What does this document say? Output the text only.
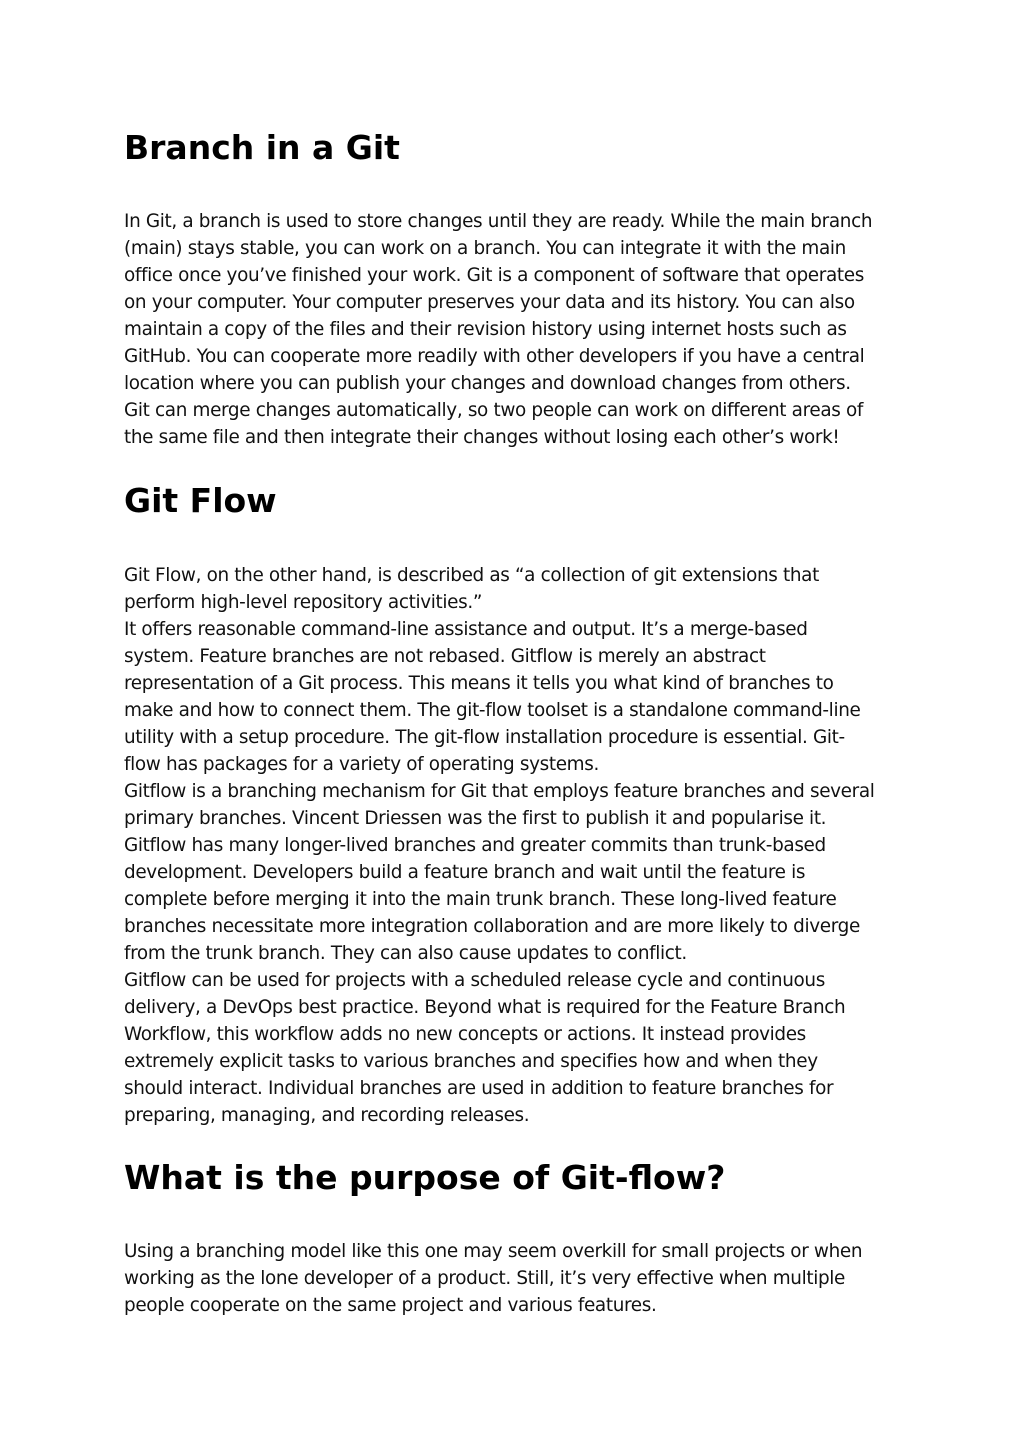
Branch in a Git
In Git, a branch is used to store changes until they are ready. While the main branch
(main) stays stable, you can work on a branch. You can integrate it with the main
office once you’ve finished your work. Git is a component of software that operates
on your computer. Your computer preserves your data and its history. You can also
maintain a copy of the files and their revision history using internet hosts such as
GitHub. You can cooperate more readily with other developers if you have a central
location where you can publish your changes and download changes from others.
Git can merge changes automatically, so two people can work on different areas of
the same file and then integrate their changes without losing each other’s work!
Git Flow
Git Flow, on the other hand, is described as “a collection of git extensions that
perform high-level repository activities.”
It offers reasonable command-line assistance and output. It’s a merge-based
system. Feature branches are not rebased. Gitflow is merely an abstract
representation of a Git process. This means it tells you what kind of branches to
make and how to connect them. The git-flow toolset is a standalone command-line
utility with a setup procedure. The git-flow installation procedure is essential. Git-
flow has packages for a variety of operating systems.
Gitflow is a branching mechanism for Git that employs feature branches and several
primary branches. Vincent Driessen was the first to publish it and popularise it.
Gitflow has many longer-lived branches and greater commits than trunk-based
development. Developers build a feature branch and wait until the feature is
complete before merging it into the main trunk branch. These long-lived feature
branches necessitate more integration collaboration and are more likely to diverge
from the trunk branch. They can also cause updates to conflict.
Gitflow can be used for projects with a scheduled release cycle and continuous
delivery, a DevOps best practice. Beyond what is required for the Feature Branch
Workflow, this workflow adds no new concepts or actions. It instead provides
extremely explicit tasks to various branches and specifies how and when they
should interact. Individual branches are used in addition to feature branches for
preparing, managing, and recording releases.
What is the purpose of Git-flow?
Using a branching model like this one may seem overkill for small projects or when
working as the lone developer of a product. Still, it’s very effective when multiple
people cooperate on the same project and various features.
